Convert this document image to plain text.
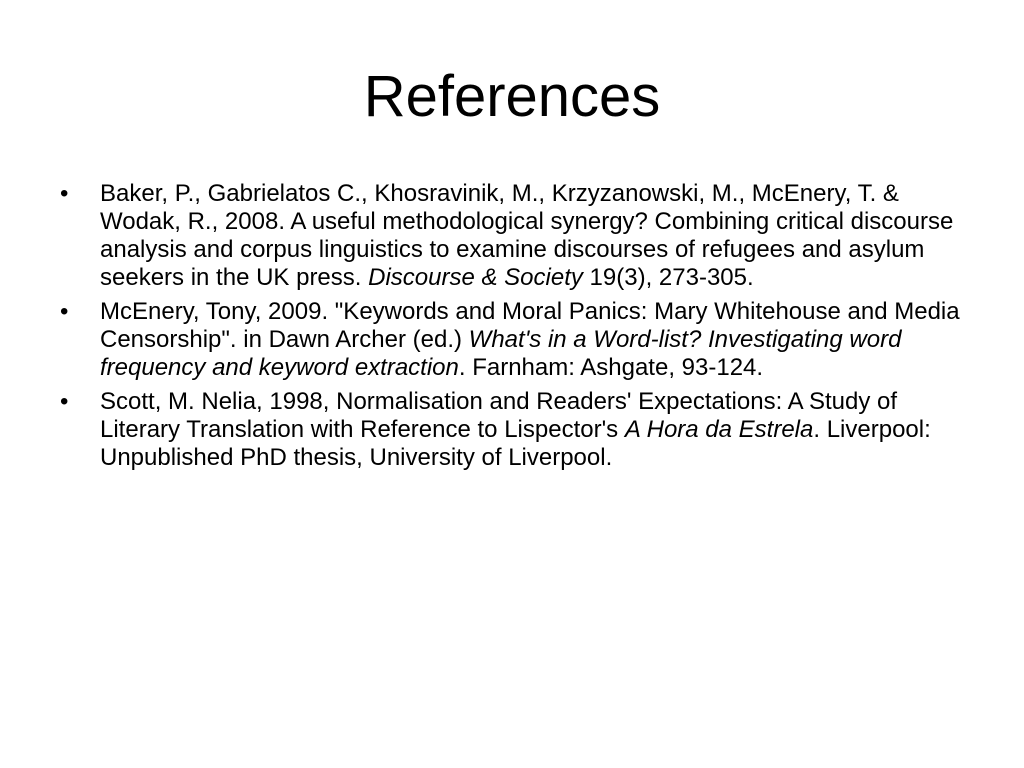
References
• Baker, P., Gabrielatos C., Khosravinik, M., Krzyzanowski, M., McEnery, T. & Wodak, R., 2008. A useful methodological synergy? Combining critical discourse analysis and corpus linguistics to examine discourses of refugees and asylum seekers in the UK press. Discourse & Society 19(3), 273-305.
• McEnery, Tony, 2009. "Keywords and Moral Panics: Mary Whitehouse and Media Censorship". in Dawn Archer (ed.) What's in a Word-list? Investigating word frequency and keyword extraction. Farnham: Ashgate, 93-124.
• Scott, M. Nelia, 1998, Normalisation and Readers' Expectations: A Study of Literary Translation with Reference to Lispector's A Hora da Estrela. Liverpool: Unpublished PhD thesis, University of Liverpool.
